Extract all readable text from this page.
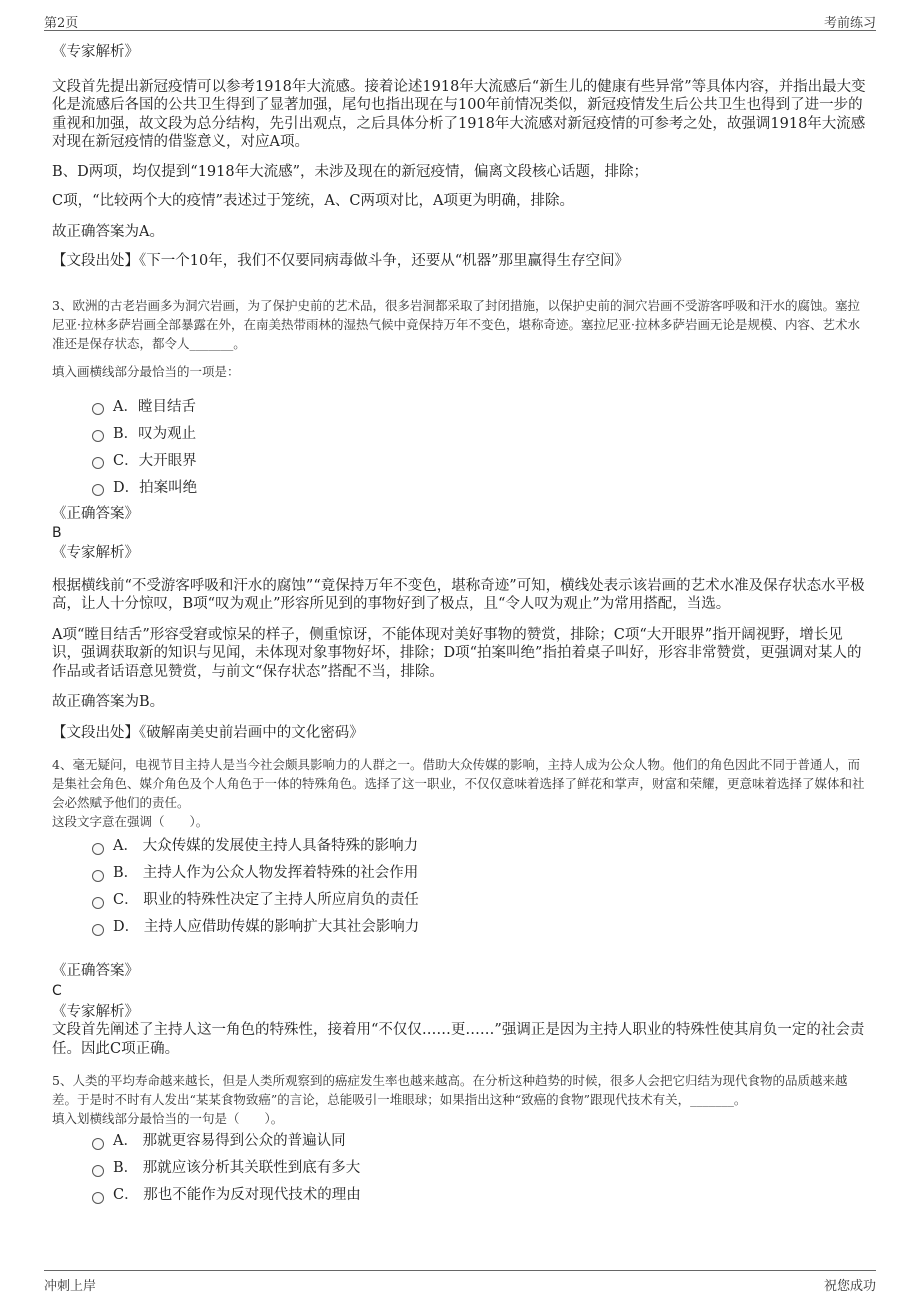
第2页	考前练习

《专家解析》

文段首先提出新冠疫情可以参考1918年大流感。接着论述1918年大流感后“新生儿的健康有些异常”等具体内容，并指出最大变化是流感后各国的公共卫生得到了显著加强，尾句也指出现在与100年前情况类似，新冠疫情发生后公共卫生也得到了进一步的重视和加强，故文段为总分结构，先引出观点，之后具体分析了1918年大流感对新冠疫情的可参考之处，故强调1918年大流感对现在新冠疫情的借鉴意义，对应A项。

B、D两项，均仅提到“1918年大流感”，未涉及现在的新冠疫情，偏离文段核心话题，排除；

C项，“比较两个大的疫情”表述过于笼统，A、C两项对比，A项更为明确，排除。

故正确答案为A。

【文段出处】《下一个10年，我们不仅要同病毒做斗争，还要从“机器”那里赢得生存空间》

3、欧洲的古老岩画多为洞穴岩画，为了保护史前的艺术品，很多岩洞都采取了封闭措施，以保护史前的洞穴岩画不受游客呼吸和汗水的腐蚀。塞拉尼亚·拉林多萨岩画全部暴露在外，在南美热带雨林的湿热气候中竟保持万年不变色，堪称奇迹。塞拉尼亚·拉林多萨岩画无论是规模、内容、艺术水准还是保存状态，都令人_______。

填入画横线部分最恰当的一项是：

A．瞠目结舌
B．叹为观止
C．大开眼界
D．拍案叫绝

《正确答案》

B

《专家解析》

根据横线前“不受游客呼吸和汗水的腐蚀”“竟保持万年不变色，堪称奇迹”可知，横线处表示该岩画的艺术水准及保存状态水平极高，让人十分惊叹，B项“叹为观止”形容所见到的事物好到了极点，且“令人叹为观止”为常用搭配，当选。

A项“瞠目结舌”形容受窘或惊呆的样子，侧重惊讶，不能体现对美好事物的赞赏，排除；C项“大开眼界”指开阔视野，增长见识，强调获取新的知识与见闻，未体现对象事物好坏，排除；D项“拍案叫绝”指拍着桌子叫好，形容非常赞赏，更强调对某人的作品或者话语意见赞赏，与前文“保存状态”搭配不当，排除。

故正确答案为B。

【文段出处】《破解南美史前岩画中的文化密码》

4、毫无疑问，电视节目主持人是当今社会颇具影响力的人群之一。借助大众传媒的影响，主持人成为公众人物。他们的角色因此不同于普通人，而是集社会角色、媒介角色及个人角色于一体的特殊角色。选择了这一职业，不仅仅意味着选择了鲜花和掌声，财富和荣耀，更意味着选择了媒体和社会必然赋予他们的责任。

这段文字意在强调（　　）。

A． 大众传媒的发展使主持人具备特殊的影响力
B． 主持人作为公众人物发挥着特殊的社会作用
C． 职业的特殊性决定了主持人所应肩负的责任
D． 主持人应借助传媒的影响扩大其社会影响力

《正确答案》

C

《专家解析》

文段首先阐述了主持人这一角色的特殊性，接着用“不仅仅……更……”强调正是因为主持人职业的特殊性使其肩负一定的社会责任。因此C项正确。

5、人类的平均寿命越来越长，但是人类所观察到的癌症发生率也越来越高。在分析这种趋势的时候，很多人会把它归结为现代食物的品质越来越差。于是时不时有人发出“某某食物致癌”的言论，总能吸引一堆眼球；如果指出这种“致癌的食物”跟现代技术有关，_______。

填入划横线部分最恰当的一句是（　　）。

A． 那就更容易得到公众的普遍认同
B． 那就应该分析其关联性到底有多大
C． 那也不能作为反对现代技术的理由
冲刺上岸	祝您成功
